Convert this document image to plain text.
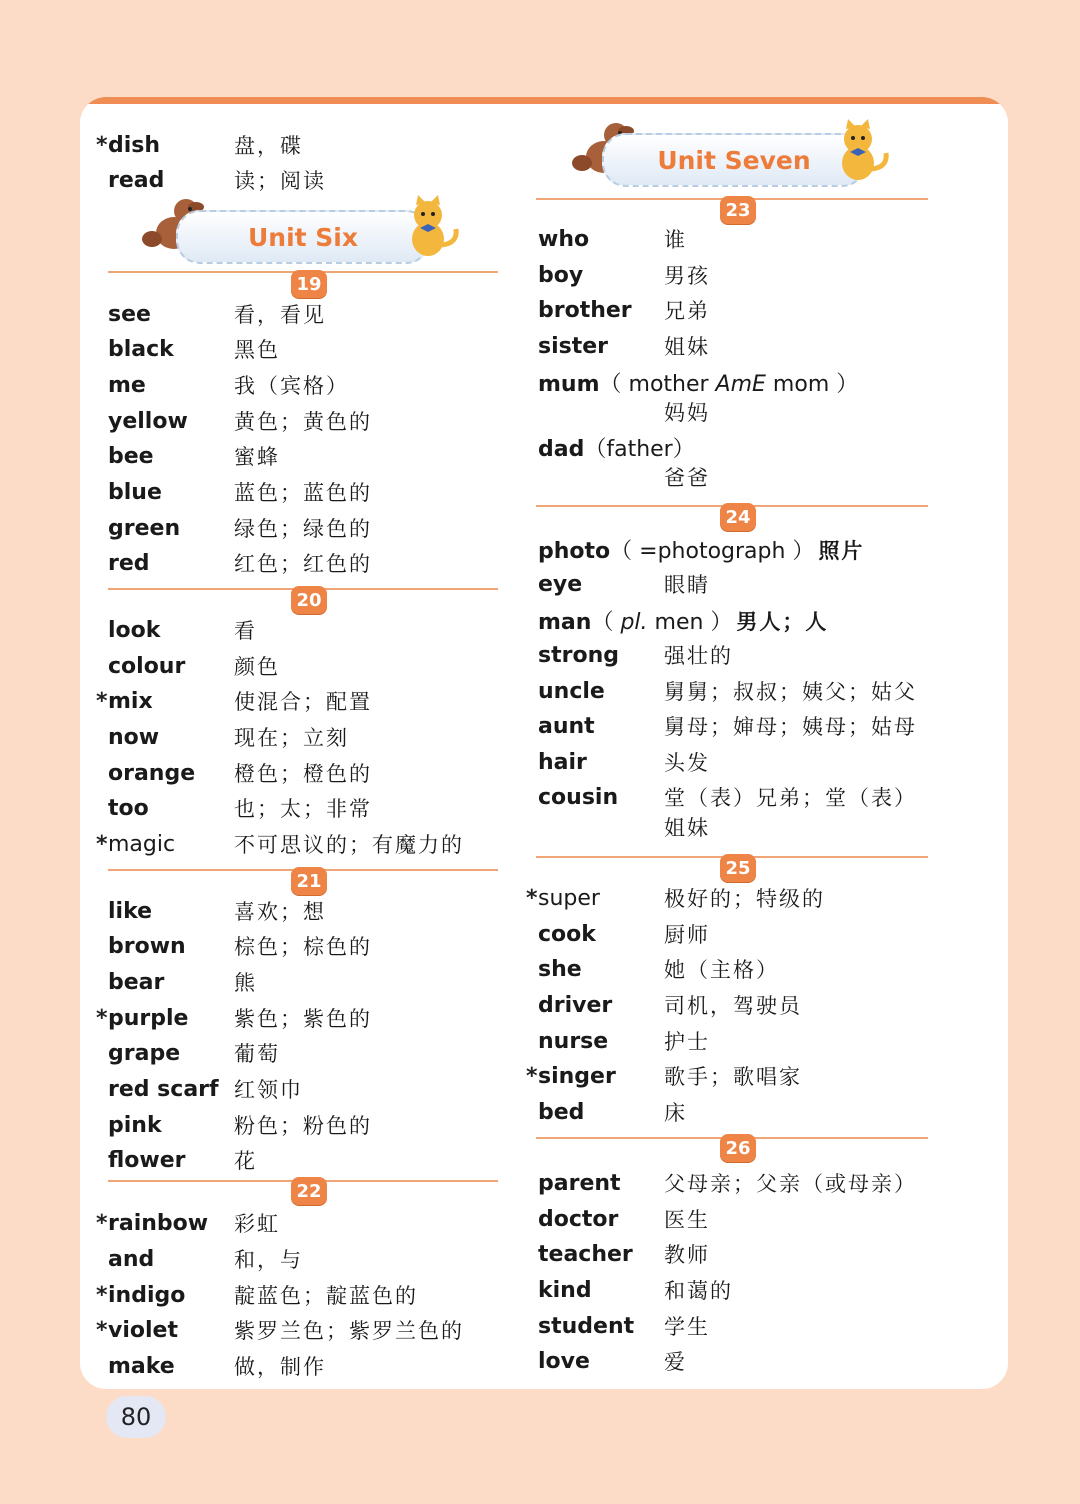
* dish	盘，碟
read	读；阅读
Unit Six
19
see	看，看见
black	黑色
me	我（宾格）
yellow 黄色；黄色的
bee	蜜蜂
blue	蓝色；蓝色的
green	绿色；绿色的
red	红色；红色的
20
look	看
colour 颜色
* mix	使混合；配置
now	现在；立刻
orange 橙色；橙色的
too	也；太；非常
* magic	不可思议的；有魔力的
21
like	喜欢；想
brown 棕色；棕色的
bear	熊
* purple 紫色；紫色的
grape	葡萄
red scarf 红领巾
pink	粉色；粉色的
flower 花
22
* rainbow 彩虹
and	和，与
* indigo 靛蓝色；靛蓝色的
* violet	紫罗兰色；紫罗兰色的
make	做，制作
Unit Seven
23
who	谁
boy	男孩
brother 兄弟
sister	姐妹
mum（ mother AmE mom ）
妈妈
dad（father）
爸爸
24
photo（ =photograph ） 照片
eye	眼睛
man（ pl. men ） 男人；人
strong 强壮的
uncle	舅舅；叔叔；姨父；姑父
aunt	舅母；婶母；姨母；姑母
hair	头发
cousin 堂（表）兄弟；堂（表）
姐妹
25
* super	极好的；特级的
cook	厨师
she	她（主格）
driver 司机，驾驶员
nurse	护士
* singer 歌手；歌唱家
bed	床
26
parent 父母亲；父亲（或母亲）
doctor 医生
teacher 教师
kind	和蔼的
student 学生
love	爱
80
